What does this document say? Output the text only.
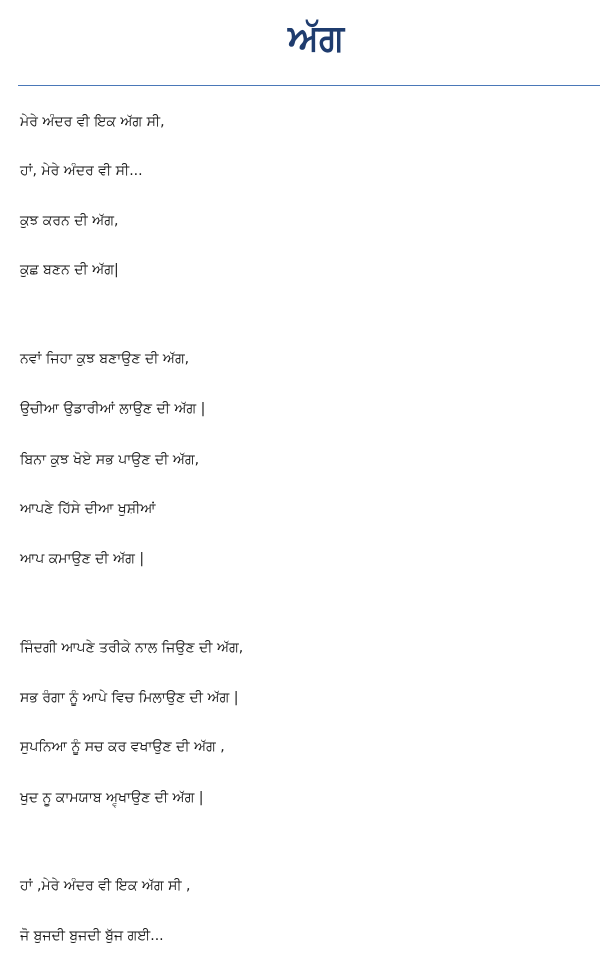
ਅੱਗ
ਮੇਰੇ ਅੰਦਰ ਵੀ ਇਕ ਅੱਗ ਸੀ,
ਹਾਂ, ਮੇਰੇ ਅੰਦਰ ਵੀ ਸੀ...
ਕੁਝ ਕਰਨ ਦੀ ਅੱਗ,
ਕੁਛ ਬਣਨ ਦੀ ਅੱਗ|
ਨਵਾਂ ਜਿਹਾ ਕੁਝ ਬਣਾਉਣ ਦੀ ਅੱਗ,
ਉਚੀਆ ਉਡਾਰੀਆਂ ਲਾਉਣ ਦੀ ਅੱਗ |
ਬਿਨਾ ਕੁਝ ਖੋਏ ਸਭ ਪਾਉਣ ਦੀ ਅੱਗ,
ਆਪਣੇ ਹਿੱਸੇ ਦੀਆ ਖੁਸ਼ੀਆਂ
ਆਪ ਕਮਾਉਣ ਦੀ ਅੱਗ |
ਜਿੰਦਗੀ ਆਪਣੇ ਤਰੀਕੇ ਨਾਲ ਜਿਉਣ ਦੀ ਅੱਗ,
ਸਭ ਰੰਗਾ ਨੂੰ ਆਪੇ ਵਿਚ ਮਿਲਾਉਣ ਦੀ ਅੱਗ |
ਸੁਪਨਿਆ ਨੂੰ ਸਚ ਕਰ ਵਖਾਉਣ ਦੀ ਅੱਗ ,
ਖੁਦ ਨੂ ਕਾਮਯਾਬ ਅਵ੍ਖਾਉਣ ਦੀ ਅੱਗ |
ਹਾਂ ,ਮੇਰੇ ਅੰਦਰ ਵੀ ਇਕ ਅੱਗ ਸੀ ,
ਜੋ ਬੁਜਦੀ ਬੁਜਦੀ ਬੁੱਜ ਗਈ...
